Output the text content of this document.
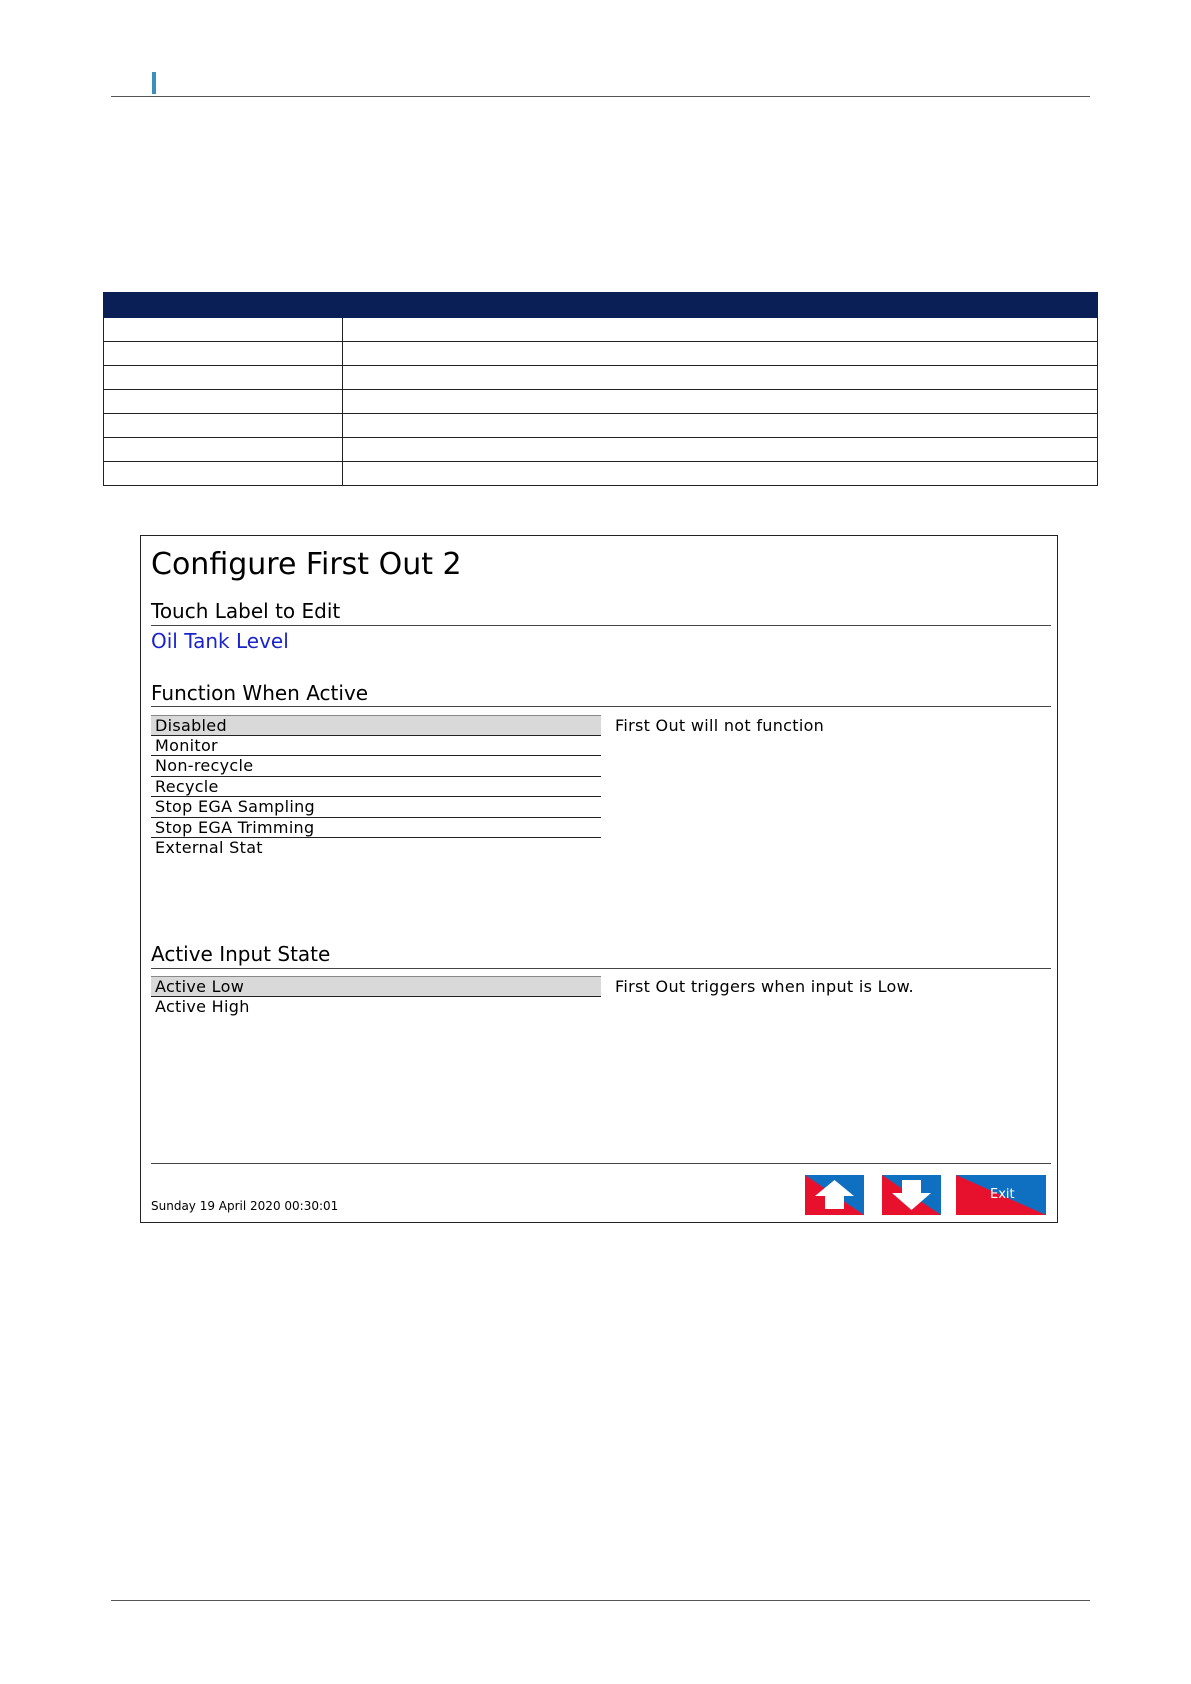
Configure First Out 2
Touch Label to Edit
Oil Tank Level
Function When Active
Disabled
Monitor
Non-recycle
Recycle
Stop EGA Sampling
Stop EGA Trimming
External Stat
First Out will not function
Active Input State
Active Low
Active High
First Out triggers when input is Low.
Sunday 19 April 2020 00:30:01
Exit
